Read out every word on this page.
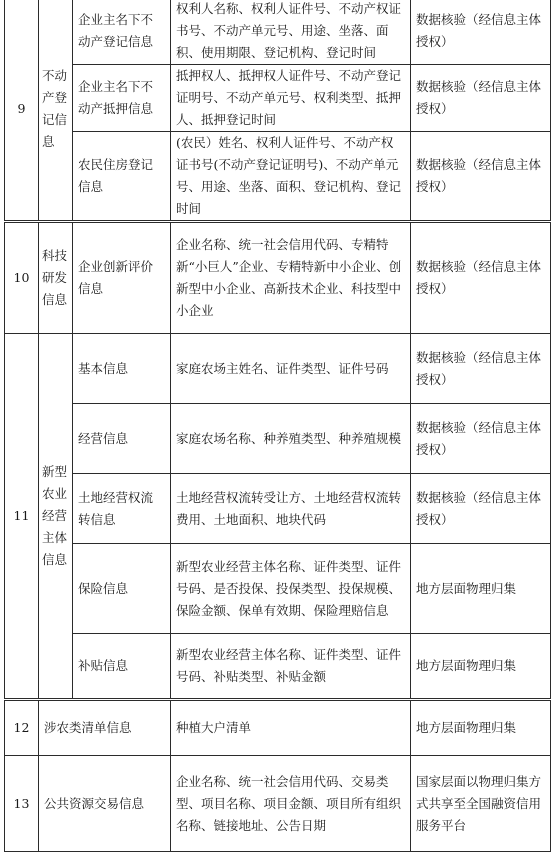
9	不动产登记信息	企业主名下不动产登记信息	权利人名称、权利人证件号、不动产权证书号、不动产单元号、用途、坐落、面积、使用期限、登记机构、登记时间	数据核验（经信息主体授权）
		企业主名下不动产抵押信息	抵押权人、抵押权人证件号、不动产登记证明号、不动产单元号、权利类型、抵押人、抵押登记时间	数据核验（经信息主体授权）
		农民住房登记信息	(农民）姓名、权利人证件号、不动产权证书号(不动产登记证明号)、不动产单元号、用途、坐落、面积、登记机构、登记时间	数据核验（经信息主体授权）
10	科技研发信息	企业创新评价信息	企业名称、统一社会信用代码、专精特新“小巨人”企业、专精特新中小企业、创新型中小企业、高新技术企业、科技型中小企业	数据核验（经信息主体授权）
11	新型农业经营主体信息	基本信息	家庭农场主姓名、证件类型、证件号码	数据核验（经信息主体授权）
		经营信息	家庭农场名称、种养殖类型、种养殖规模	数据核验（经信息主体授权）
		土地经营权流转信息	土地经营权流转受让方、土地经营权流转费用、土地面积、地块代码	数据核验（经信息主体授权）
		保险信息	新型农业经营主体名称、证件类型、证件号码、是否投保、投保类型、投保规模、保险金额、保单有效期、保险理赔信息	地方层面物理归集
		补贴信息	新型农业经营主体名称、证件类型、证件号码、补贴类型、补贴金额	地方层面物理归集
12	涉农类清单信息		种植大户清单	地方层面物理归集
13	公共资源交易信息		企业名称、统一社会信用代码、交易类型、项目名称、项目金额、项目所有组织名称、链接地址、公告日期	国家层面以物理归集方式共享至全国融资信用服务平台
